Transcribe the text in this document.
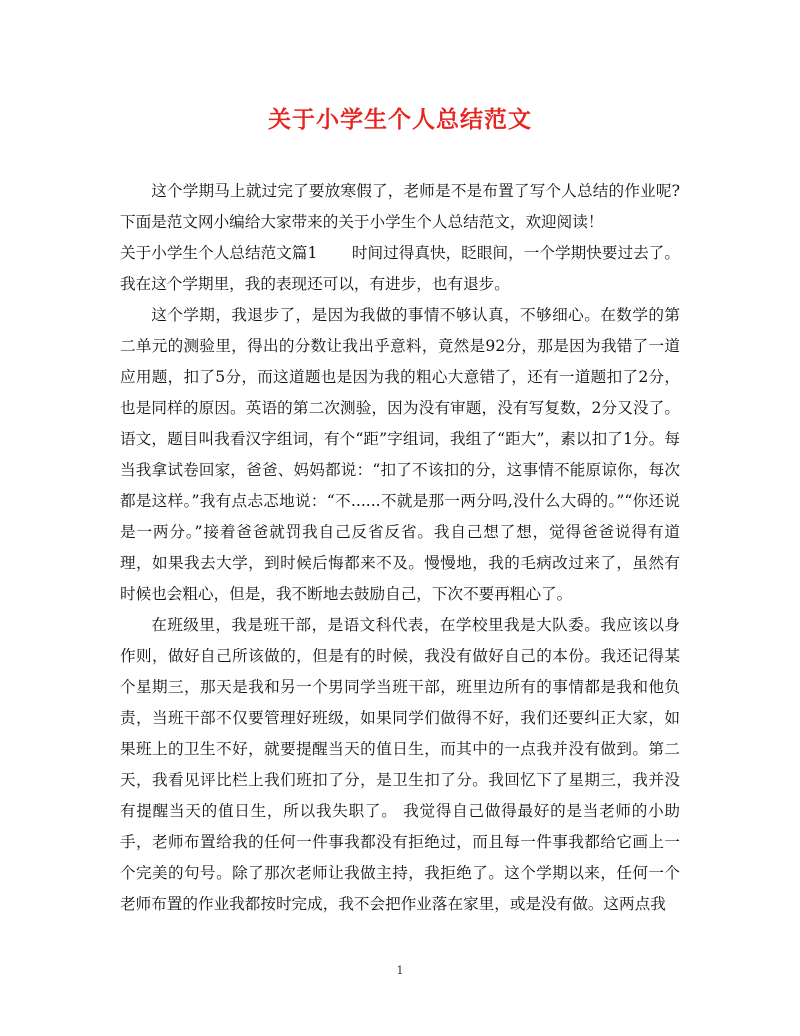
关于小学生个人总结范文

这个学期马上就过完了要放寒假了，老师是不是布置了写个人总结的作业呢?下面是范文网小编给大家带来的关于小学生个人总结范文，欢迎阅读！

关于小学生个人总结范文篇1 时间过得真快，眨眼间，一个学期快要过去了。我在这个学期里，我的表现还可以，有进步，也有退步。

这个学期，我退步了，是因为我做的事情不够认真，不够细心。在数学的第二单元的测验里，得出的分数让我出乎意料，竟然是92分，那是因为我错了一道应用题，扣了5分，而这道题也是因为我的粗心大意错了，还有一道题扣了2分，也是同样的原因。英语的第二次测验，因为没有审题，没有写复数，2分又没了。语文，题目叫我看汉字组词，有个“距”字组词，我组了“距大”，素以扣了1分。每当我拿试卷回家，爸爸、妈妈都说：“扣了不该扣的分，这事情不能原谅你，每次都是这样。”我有点忐忑地说：“不......不就是那一两分吗,没什么大碍的。”“你还说是一两分。”接着爸爸就罚我自己反省反省。我自己想了想，觉得爸爸说得有道理，如果我去大学，到时候后悔都来不及。慢慢地，我的毛病改过来了，虽然有时候也会粗心，但是，我不断地去鼓励自己，下次不要再粗心了。

在班级里，我是班干部，是语文科代表，在学校里我是大队委。我应该以身作则，做好自己所该做的，但是有的时候，我没有做好自己的本份。我还记得某个星期三，那天是我和另一个男同学当班干部，班里边所有的事情都是我和他负责，当班干部不仅要管理好班级，如果同学们做得不好，我们还要纠正大家，如果班上的卫生不好，就要提醒当天的值日生，而其中的一点我并没有做到。第二天，我看见评比栏上我们班扣了分，是卫生扣了分。我回忆下了星期三，我并没有提醒当天的值日生，所以我失职了。 我觉得自己做得最好的是当老师的小助手，老师布置给我的任何一件事我都没有拒绝过，而且每一件事我都给它画上一个完美的句号。除了那次老师让我做主持，我拒绝了。这个学期以来，任何一个老师布置的作业我都按时完成，我不会把作业落在家里，或是没有做。这两点我

1
